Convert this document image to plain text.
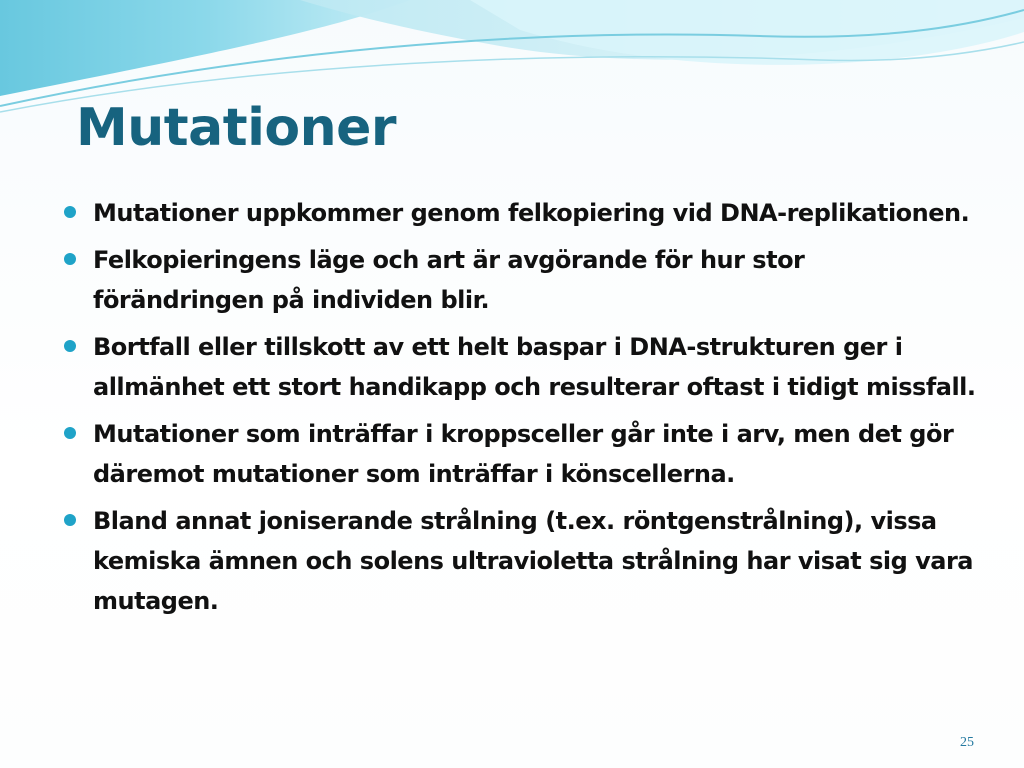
Mutationer
Mutationer uppkommer genom felkopiering vid DNA-replikationen.
Felkopieringens läge och art är avgörande för hur stor förändringen på individen blir.
Bortfall eller tillskott av ett helt baspar i DNA-strukturen ger i allmänhet ett stort handikapp och resulterar oftast i tidigt missfall.
Mutationer som inträffar i kroppsceller går inte i arv, men det gör däremot mutationer som inträffar i könscellerna.
Bland annat joniserande strålning (t.ex. röntgenstrålning), vissa kemiska ämnen och solens ultravioletta strålning har visat sig vara mutagen.
25
